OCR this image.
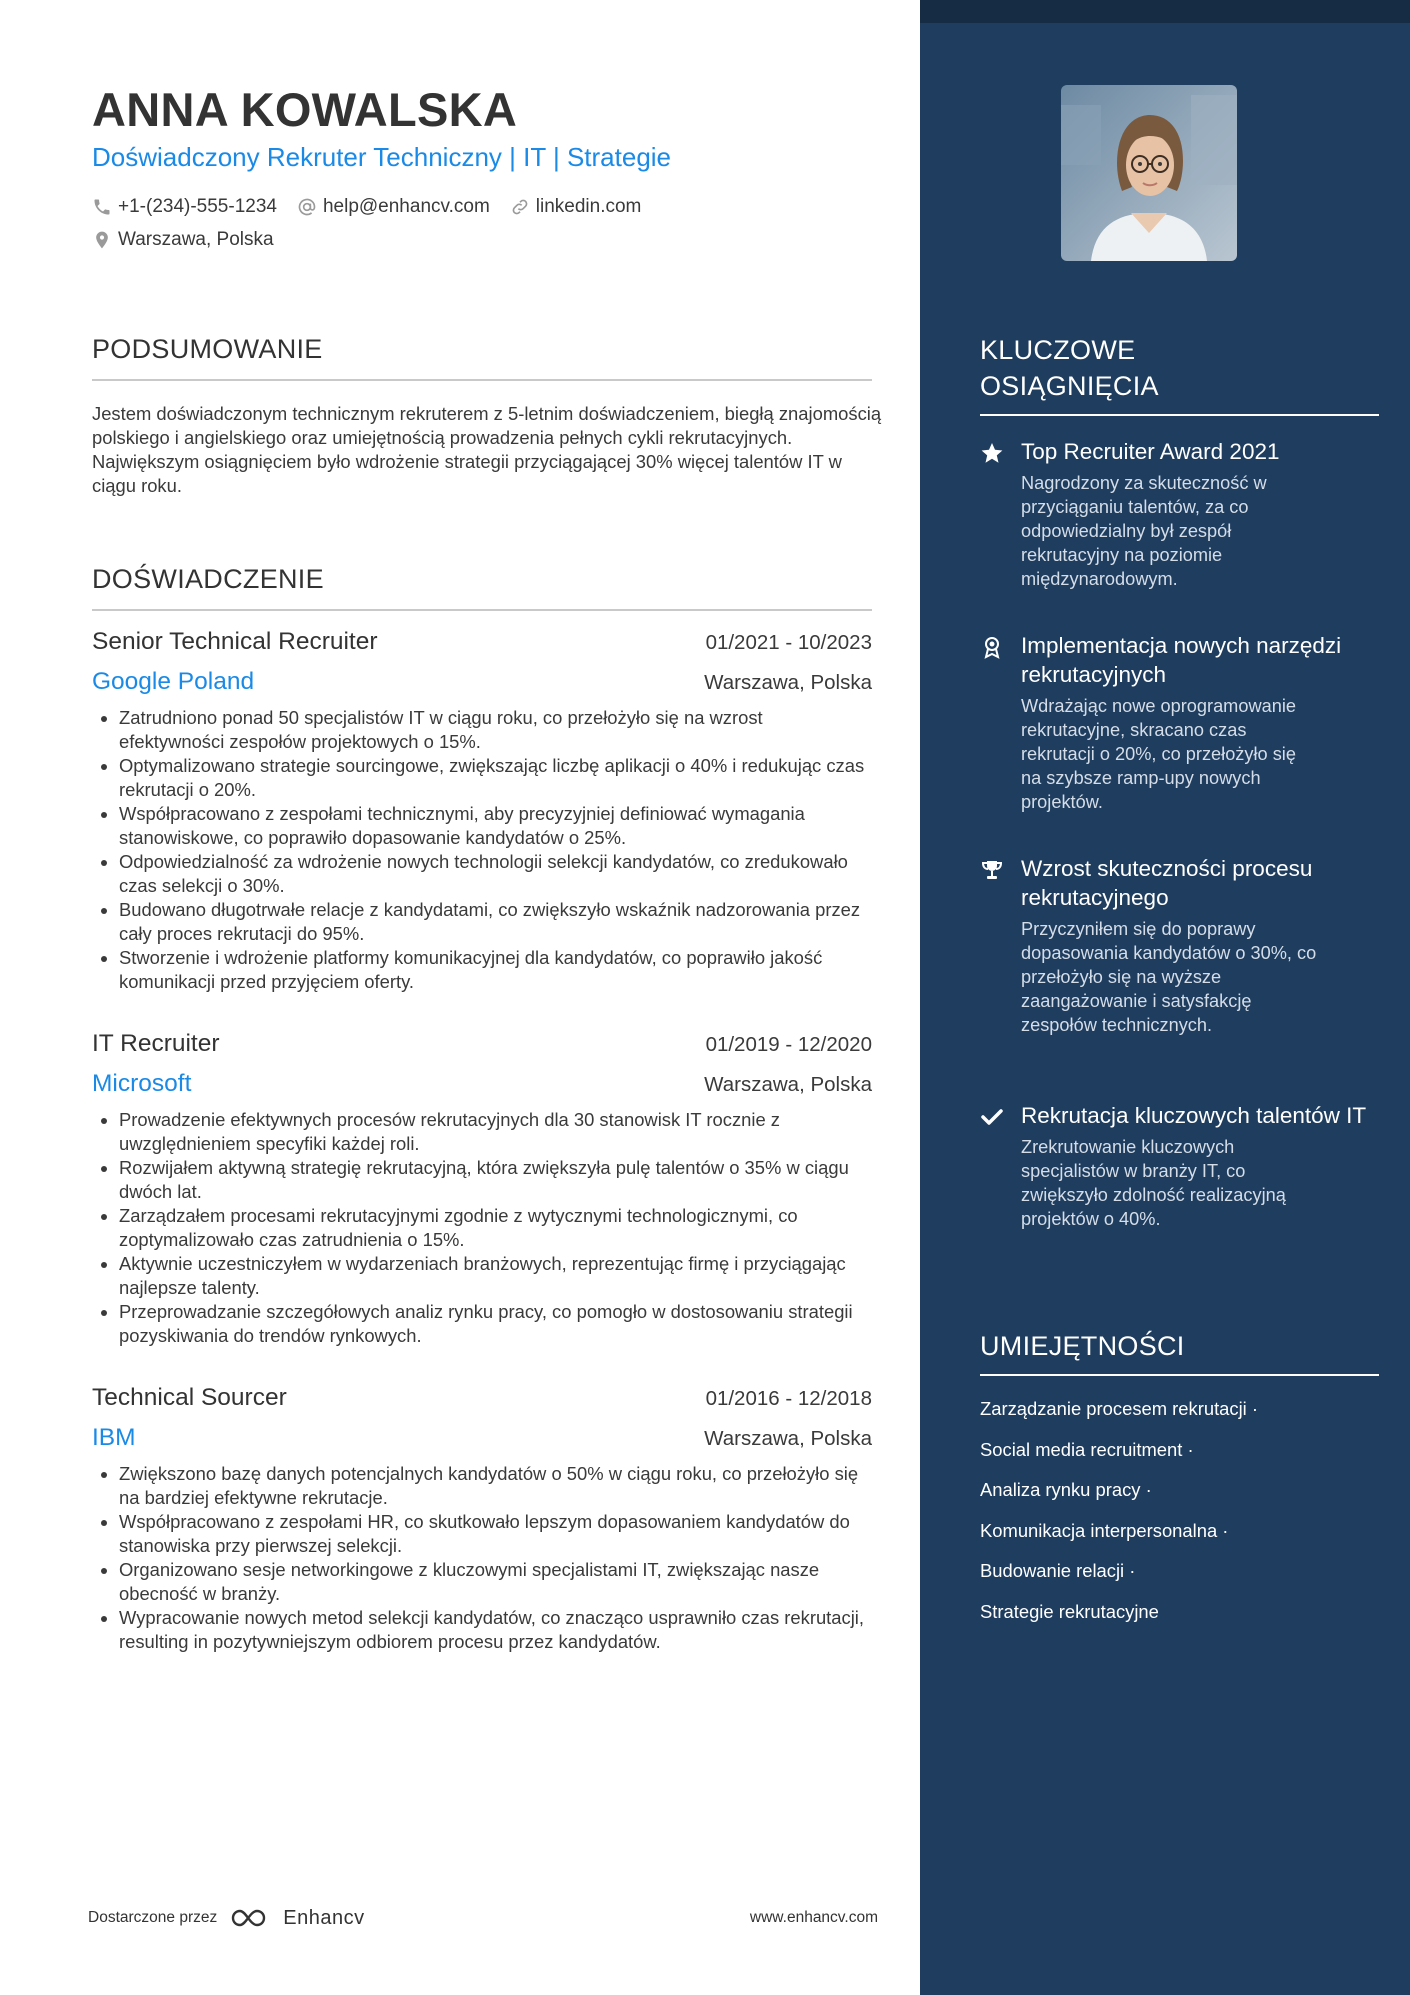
ANNA KOWALSKA
Doświadczony Rekruter Techniczny | IT | Strategie
+1-(234)-555-1234 help@enhancv.com linkedin.com
Warszawa, Polska
PODSUMOWANIE
Jestem doświadczonym technicznym rekruterem z 5-letnim doświadczeniem, biegłą znajomością polskiego i angielskiego oraz umiejętnością prowadzenia pełnych cykli rekrutacyjnych. Największym osiągnięciem było wdrożenie strategii przyciągającej 30% więcej talentów IT w ciągu roku.
DOŚWIADCZENIE
Senior Technical Recruiter	01/2021 - 10/2023
Google Poland	Warszawa, Polska
• Zatrudniono ponad 50 specjalistów IT w ciągu roku, co przełożyło się na wzrost efektywności zespołów projektowych o 15%.
• Optymalizowano strategie sourcingowe, zwiększając liczbę aplikacji o 40% i redukując czas rekrutacji o 20%.
• Współpracowano z zespołami technicznymi, aby precyzyjniej definiować wymagania stanowiskowe, co poprawiło dopasowanie kandydatów o 25%.
• Odpowiedzialność za wdrożenie nowych technologii selekcji kandydatów, co zredukowało czas selekcji o 30%.
• Budowano długotrwałe relacje z kandydatami, co zwiększyło wskaźnik nadzorowania przez cały proces rekrutacji do 95%.
• Stworzenie i wdrożenie platformy komunikacyjnej dla kandydatów, co poprawiło jakość komunikacji przed przyjęciem oferty.
IT Recruiter	01/2019 - 12/2020
Microsoft	Warszawa, Polska
• Prowadzenie efektywnych procesów rekrutacyjnych dla 30 stanowisk IT rocznie z uwzględnieniem specyfiki każdej roli.
• Rozwijałem aktywną strategię rekrutacyjną, która zwiększyła pulę talentów o 35% w ciągu dwóch lat.
• Zarządzałem procesami rekrutacyjnymi zgodnie z wytycznymi technologicznymi, co zoptymalizowało czas zatrudnienia o 15%.
• Aktywnie uczestniczyłem w wydarzeniach branżowych, reprezentując firmę i przyciągając najlepsze talenty.
• Przeprowadzanie szczegółowych analiz rynku pracy, co pomogło w dostosowaniu strategii pozyskiwania do trendów rynkowych.
Technical Sourcer	01/2016 - 12/2018
IBM	Warszawa, Polska
• Zwiększono bazę danych potencjalnych kandydatów o 50% w ciągu roku, co przełożyło się na bardziej efektywne rekrutacje.
• Współpracowano z zespołami HR, co skutkowało lepszym dopasowaniem kandydatów do stanowiska przy pierwszej selekcji.
• Organizowano sesje networkingowe z kluczowymi specjalistami IT, zwiększając nasze obecność w branży.
• Wypracowanie nowych metod selekcji kandydatów, co znacząco usprawniło czas rekrutacji, resulting in pozytywniejszym odbiorem procesu przez kandydatów.
Dostarczone przez	Enhancv	www.enhancv.com
KLUCZOWE
OSIĄGNIĘCIA
Top Recruiter Award 2021
Nagrodzony za skuteczność w przyciąganiu talentów, za co odpowiedzialny był zespół rekrutacyjny na poziomie międzynarodowym.
Implementacja nowych narzędzi rekrutacyjnych
Wdrażając nowe oprogramowanie rekrutacyjne, skracano czas rekrutacji o 20%, co przełożyło się na szybsze ramp-upy nowych projektów.
Wzrost skuteczności procesu rekrutacyjnego
Przyczyniłem się do poprawy dopasowania kandydatów o 30%, co przełożyło się na wyższe zaangażowanie i satysfakcję zespołów technicznych.
Rekrutacja kluczowych talentów IT
Zrekrutowanie kluczowych specjalistów w branży IT, co zwiększyło zdolność realizacyjną projektów o 40%.
UMIEJĘTNOŚCI
Zarządzanie procesem rekrutacji ·
Social media recruitment ·
Analiza rynku pracy ·
Komunikacja interpersonalna ·
Budowanie relacji ·
Strategie rekrutacyjne
